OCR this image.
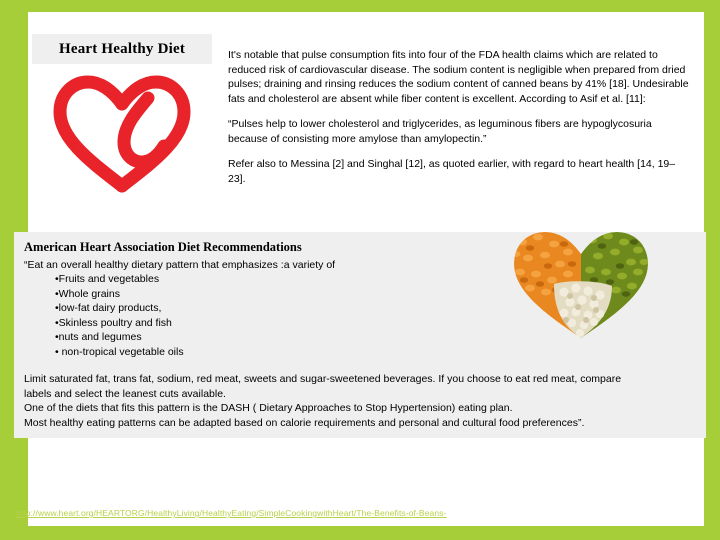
Heart Healthy Diet	It's notable that pulse consumption fits into four of the FDA health claims which are related to reduced risk of cardiovascular disease. The sodium content is negligible when prepared from dried pulses; draining and rinsing reduces the sodium content of canned beans by 41% [18]. Undesirable fats and cholesterol are absent while fiber content is excellent. According to Asif et al. [11]:

“Pulses help to lower cholesterol and triglycerides, as leguminous fibers are hypoglycosuria because of consisting more amylose than amylopectin.”

Refer also to Messina [2] and Singhal [12], as quoted earlier, with regard to heart health [14, 19–23].

American Heart Association Diet Recommendations
“Eat an overall healthy dietary pattern that emphasizes :a variety of
•Fruits and vegetables
•Whole grains
•low-fat dairy products,
•Skinless poultry and fish
•nuts and legumes
• non-tropical vegetable oils
Limit saturated fat, trans fat, sodium, red meat, sweets and sugar-sweetened beverages. If you choose to eat red meat, compare
labels and select the leanest cuts available.
One of the diets that fits this pattern is the DASH ( Dietary Approaches to Stop Hypertension) eating plan.
Most healthy eating patterns can be adapted based on calorie requirements and personal and cultural food preferences”.
http://www.heart.org/HEARTORG/HealthyLiving/HealthyEating/SimpleCookingwithHeart/The-Benefits-of-Beans-
